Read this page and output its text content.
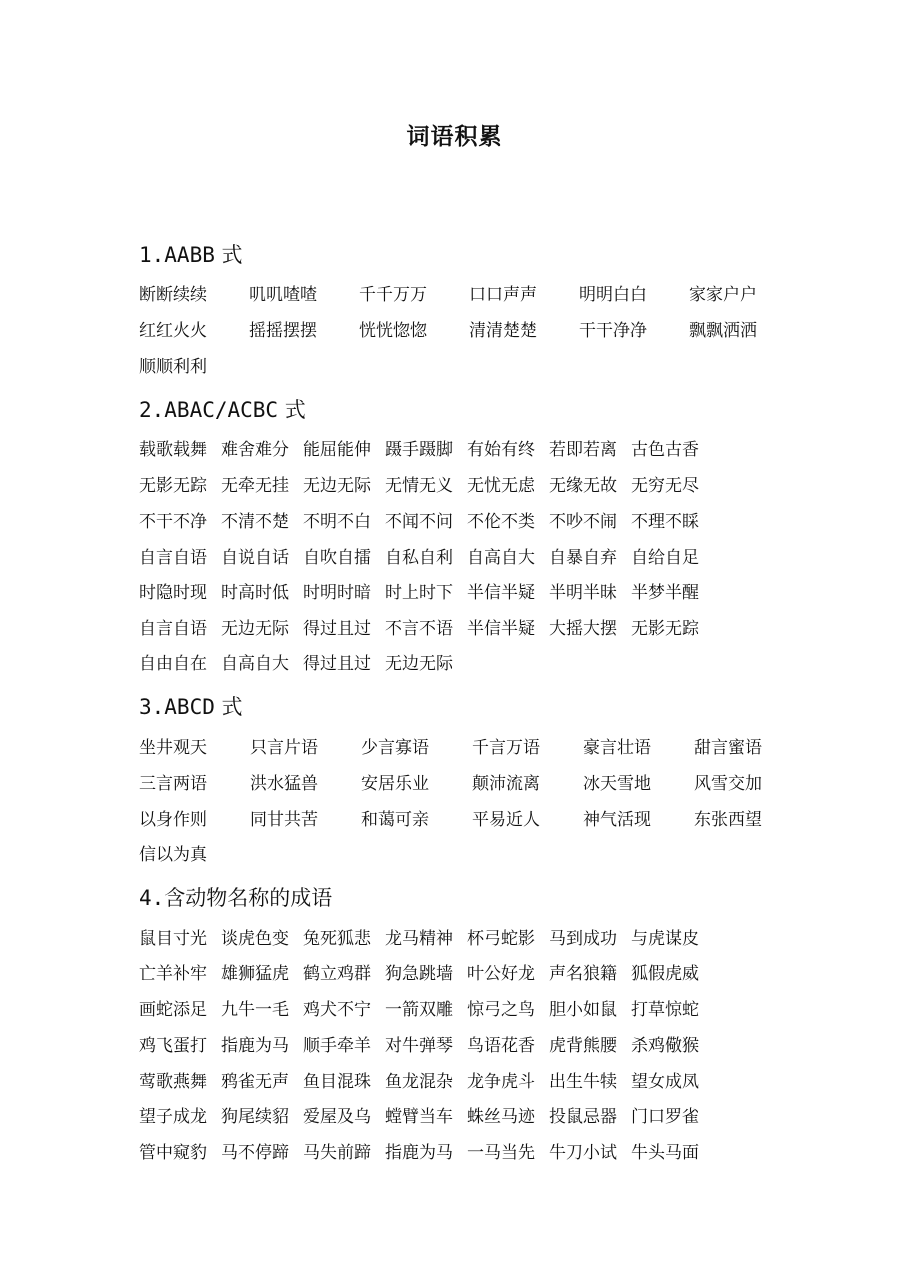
词语积累
1.AABB 式
断断续续 叽叽喳喳 千千万万 口口声声 明明白白 家家户户
红红火火 摇摇摆摆 恍恍惚惚 清清楚楚 干干净净 飘飘洒洒
顺顺利利
2.ABAC/ACBC 式
载歌载舞 难舍难分 能屈能伸 蹑手蹑脚 有始有终 若即若离 古色古香
无影无踪 无牵无挂 无边无际 无情无义 无忧无虑 无缘无故 无穷无尽
不干不净 不清不楚 不明不白 不闻不问 不伦不类 不吵不闹 不理不睬
自言自语 自说自话 自吹自擂 自私自利 自高自大 自暴自弃 自给自足
时隐时现 时高时低 时明时暗 时上时下 半信半疑 半明半昧 半梦半醒
自言自语 无边无际 得过且过 不言不语 半信半疑 大摇大摆 无影无踪
自由自在 自高自大 得过且过 无边无际
3.ABCD 式
坐井观天	只言片语	少言寡语	千言万语	豪言壮语	甜言蜜语
三言两语	洪水猛兽	安居乐业	颠沛流离	冰天雪地	风雪交加
以身作则	同甘共苦	和蔼可亲	平易近人	神气活现	东张西望
信以为真
4.含动物名称的成语
鼠目寸光 谈虎色变 兔死狐悲 龙马精神 杯弓蛇影 马到成功 与虎谋皮
亡羊补牢 雄狮猛虎 鹤立鸡群 狗急跳墙 叶公好龙 声名狼籍 狐假虎威
画蛇添足 九牛一毛 鸡犬不宁 一箭双雕 惊弓之鸟 胆小如鼠 打草惊蛇
鸡飞蛋打 指鹿为马 顺手牵羊 对牛弹琴 鸟语花香 虎背熊腰 杀鸡儆猴
莺歌燕舞 鸦雀无声 鱼目混珠 鱼龙混杂 龙争虎斗 出生牛犊 望女成凤
望子成龙 狗尾续貂 爱屋及乌 螳臂当车 蛛丝马迹 投鼠忌器 门口罗雀
管中窥豹 马不停蹄 马失前蹄 指鹿为马 一马当先 牛刀小试 牛头马面
